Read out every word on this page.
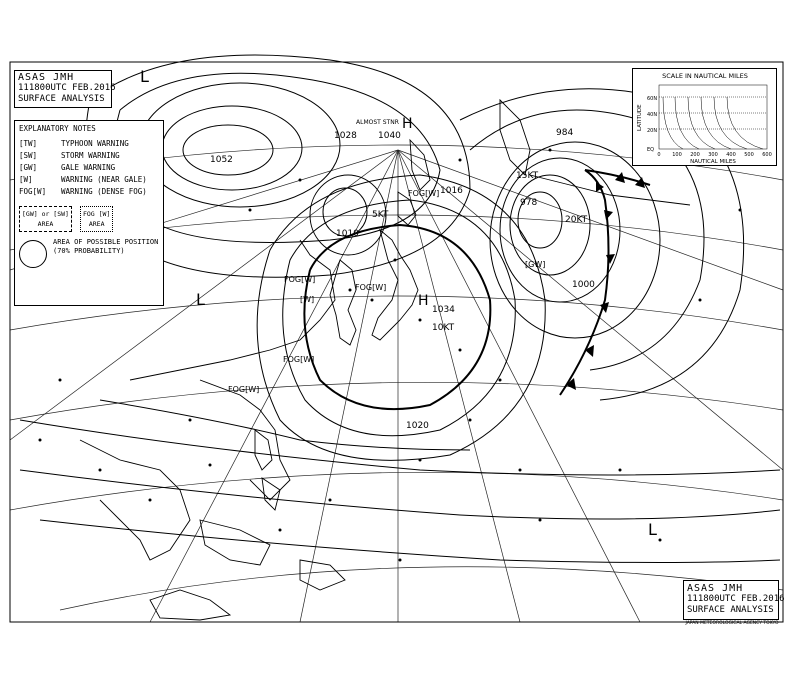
1028 1040
1052
1010
1016
1034
1020
978
1000
984
L
L
L
H
H
5KT
10KT
20KT
15KT
FOG[W]
FOG[W]
FOG[W]
FOG[W]
FOG[W]
[W]
[GW]
ALMOST STNR
ASAS JMH
111800UTC FEB.2016
SURFACE ANALYSIS
EXPLANATORY NOTES
[TW]	TYPHOON WARNING
[SW]	STORM WARNING
[GW]	GALE WARNING
[W]	WARNING (NEAR GALE)
FOG[W]	WARNING (DENSE FOG)
[GW] or [SW]
AREA
FOG [W]
AREA
AREA OF POSSIBLE POSITION
(70% PROBABILITY)
SCALE IN NAUTICAL MILES
LATITUDE
60N
40N
20N
EQ
0 100 200 300 400 500 600
NAUTICAL MILES
ASAS JMH
111800UTC FEB.2016
SURFACE ANALYSIS
JAPAN METEOROLOGICAL AGENCY TOKYO
